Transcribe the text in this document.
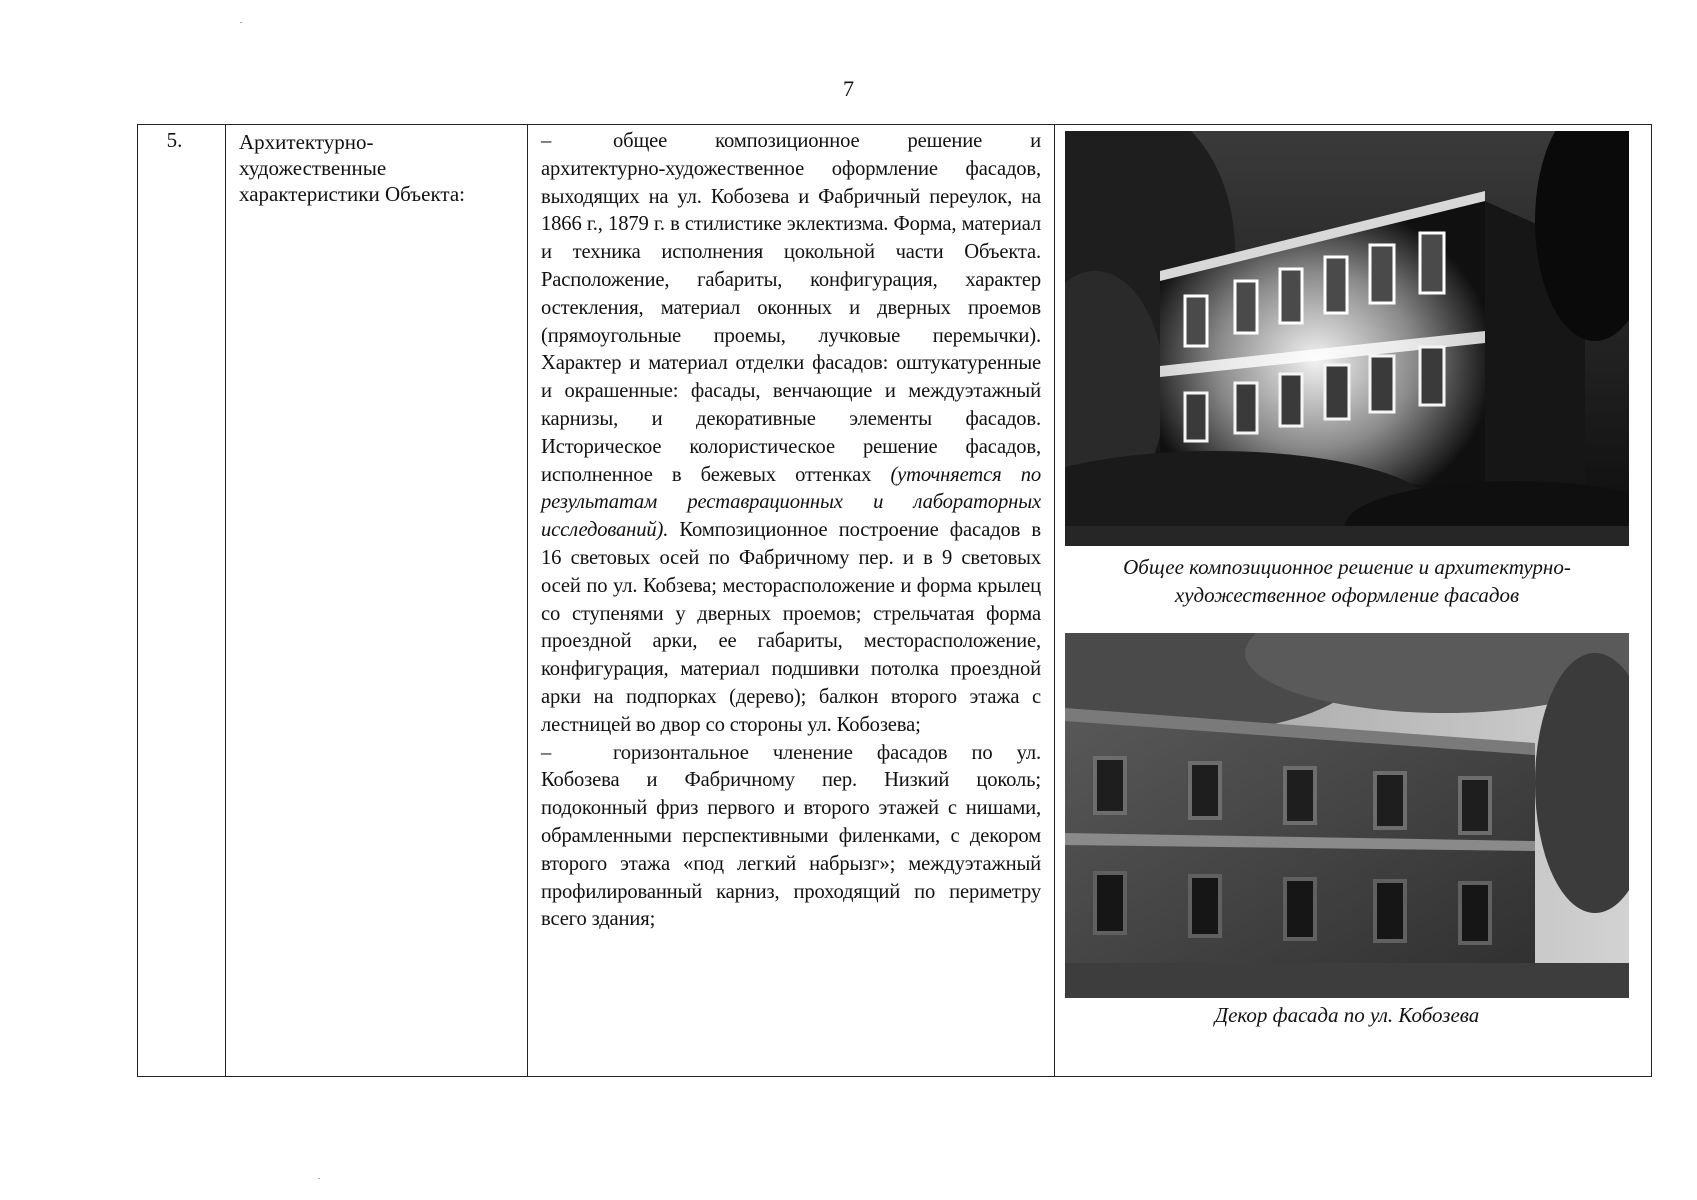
7
5.	Архитектурно-художественные характеристики Объекта:

–	общее композиционное решение и архитектурно-художественное оформление фасадов, выходящих на ул. Кобозева и Фабричный переулок, на 1866 г., 1879 г. в стилистике эклектизма. Форма, материал и техника исполнения цокольной части Объекта. Расположение, габариты, конфигурация, характер остекления, материал оконных и дверных проемов (прямоугольные проемы, лучковые перемычки). Характер и материал отделки фасадов: оштукатуренные и окрашенные: фасады, венчающие и междуэтажный карнизы, и декоративные элементы фасадов. Историческое колористическое решение фасадов, исполненное в бежевых оттенках (уточняется по результатам реставрационных и лабораторных исследований). Композиционное построение фасадов в 16 световых осей по Фабричному пер. и в 9 световых осей по ул. Кобзева; месторасположение и форма крылец со ступенями у дверных проемов; стрельчатая форма проездной арки, ее габариты, месторасположение, конфигурация, материал подшивки потолка проездной арки на подпорках (дерево); балкон второго этажа с лестницей во двор со стороны ул. Кобозева;

–	горизонтальное членение фасадов по ул. Кобозева и Фабричному пер. Низкий цоколь; подоконный фриз первого и второго этажей с нишами, обрамленными перспективными филенками, с декором второго этажа «под легкий набрызг»; междуэтажный профилированный карниз, проходящий по периметру всего здания;

Общее композиционное решение и архитектурно-художественное оформление фасадов
Декор фасада по ул. Кобозева
